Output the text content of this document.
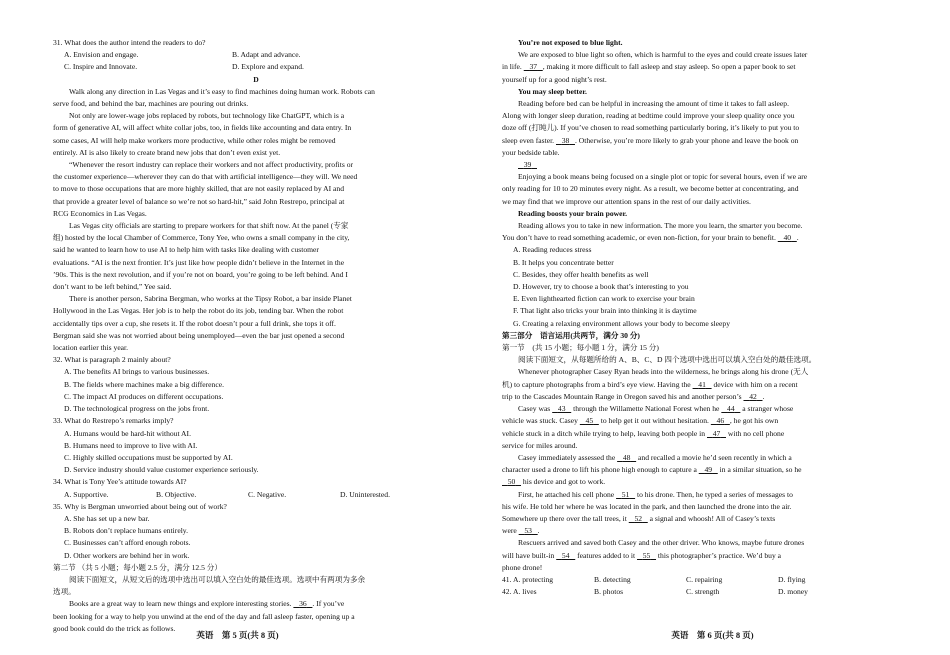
31. What does the author intend the readers to do?
A. Envision and engage.	B. Adapt and advance.
C. Inspire and Innovate.	D. Explore and expand.
D
Walk along any direction in Las Vegas and it’s easy to find machines doing human work. Robots can
serve food, and behind the bar, machines are pouring out drinks.
Not only are lower-wage jobs replaced by robots, but technology like ChatGPT, which is a
form of generative AI, will affect white collar jobs, too, in fields like accounting and data entry. In
some cases, AI will help make workers more productive, while other roles might be removed
entirely. AI is also likely to create brand new jobs that don’t even exist yet.
“Whenever the resort industry can replace their workers and not affect productivity, profits or
the customer experience—wherever they can do that with artificial intelligence—they will. We need
to move to those occupations that are more highly skilled, that are not easily replaced by AI and
that provide a greater level of balance so we’re not so hard-hit,” said John Restrepo, principal at
RCG Economics in Las Vegas.
Las Vegas city officials are starting to prepare workers for that shift now. At the panel (专家
组) hosted by the local Chamber of Commerce, Tony Yee, who owns a small company in the city,
said he wanted to learn how to use AI to help him with tasks like dealing with customer
evaluations. “AI is the next frontier. It’s just like how people didn’t believe in the Internet in the
’90s. This is the next revolution, and if you’re not on board, you’re going to be left behind. And I
don’t want to be left behind,” Yee said.
There is another person, Sabrina Bergman, who works at the Tipsy Robot, a bar inside Planet
Hollywood in the Las Vegas. Her job is to help the robot do its job, tending bar. When the robot
accidentally tips over a cup, she resets it. If the robot doesn’t pour a full drink, she tops it off.
Bergman said she was not worried about being unemployed—even the bar just opened a second
location earlier this year.
32. What is paragraph 2 mainly about?
A. The benefits AI brings to various businesses.
B. The fields where machines make a big difference.
C. The impact AI produces on different occupations.
D. The technological progress on the jobs front.
33. What do Restrepo’s remarks imply?
A. Humans would be hard-hit without AI.
B. Humans need to improve to live with AI.
C. Highly skilled occupations must be supported by AI.
D. Service industry should value customer experience seriously.
34. What is Tony Yee’s attitude towards AI?
A. Supportive.	B. Objective.	C. Negative.	D. Uninterested.
35. Why is Bergman unworried about being out of work?
A. She has set up a new bar.
B. Robots don’t replace humans entirely.
C. Businesses can’t afford enough robots.
D. Other workers are behind her in work.
第二节 （共 5 小题；每小题 2.5 分，满分 12.5 分）
阅读下面短文，从短文后的选项中选出可以填入空白处的最佳选项。选项中有两项为多余
选项。
Books are a great way to learn new things and explore interesting stories. 36 . If you’ve
been looking for a way to help you unwind at the end of the day and fall asleep faster, opening up a
good book could do the trick as follows.
英语　第 5 页(共 8 页)
You’re not exposed to blue light.
We are exposed to blue light so often, which is harmful to the eyes and could create issues later
in life. 37 , making it more difficult to fall asleep and stay asleep. So open a paper book to set
yourself up for a good night’s rest.
You may sleep better.
Reading before bed can be helpful in increasing the amount of time it takes to fall asleep.
Along with longer sleep duration, reading at bedtime could improve your sleep quality once you
doze off (打盹儿). If you’ve chosen to read something particularly boring, it’s likely to put you to
sleep even faster. 38 . Otherwise, you’re more likely to grab your phone and leave the book on
your bedside table.
39
Enjoying a book means being focused on a single plot or topic for several hours, even if we are
only reading for 10 to 20 minutes every night. As a result, we become better at concentrating, and
we may find that we improve our attention spans in the rest of our daily activities.
Reading boosts your brain power.
Reading allows you to take in new information. The more you learn, the smarter you become.
You don’t have to read something academic, or even non-fiction, for your brain to benefit. 40 .
A. Reading reduces stress
B. It helps you concentrate better
C. Besides, they offer health benefits as well
D. However, try to choose a book that’s interesting to you
E. Even lighthearted fiction can work to exercise your brain
F. That light also tricks your brain into thinking it is daytime
G. Creating a relaxing environment allows your body to become sleepy
第三部分　语言运用(共两节，满分 30 分)
第一节　(共 15 小题；每小题 1 分，满分 15 分)
阅读下面短文，从每题所给的 A、B、C、D 四个选项中选出可以填入空白处的最佳选项。
Whenever photographer Casey Ryan heads into the wilderness, he brings along his drone (无人
机) to capture photographs from a bird’s eye view. Having the 41 device with him on a recent
trip to the Cascades Mountain Range in Oregon saved his and another person’s 42 .
Casey was 43 through the Willamette National Forest when he 44 a stranger whose
vehicle was stuck. Casey 45 to help get it out without hesitation. 46 , he got his own
vehicle stuck in a ditch while trying to help, leaving both people in 47 with no cell phone
service for miles around.
Casey immediately assessed the 48 and recalled a movie he’d seen recently in which a
character used a drone to lift his phone high enough to capture a 49 in a similar situation, so he
50 his device and got to work.
First, he attached his cell phone 51 to his drone. Then, he typed a series of messages to
his wife. He told her where he was located in the park, and then launched the drone into the air.
Somewhere up there over the tall trees, it 52 a signal and whoosh! All of Casey’s texts
were 53 .
Rescuers arrived and saved both Casey and the other driver. Who knows, maybe future drones
will have built-in 54 features added to it 55 this photographer’s practice. We’d buy a
phone drone!
41. A. protecting	B. detecting	C. repairing	D. flying
42. A. lives	B. photos	C. strength	D. money
英语　第 6 页(共 8 页)
